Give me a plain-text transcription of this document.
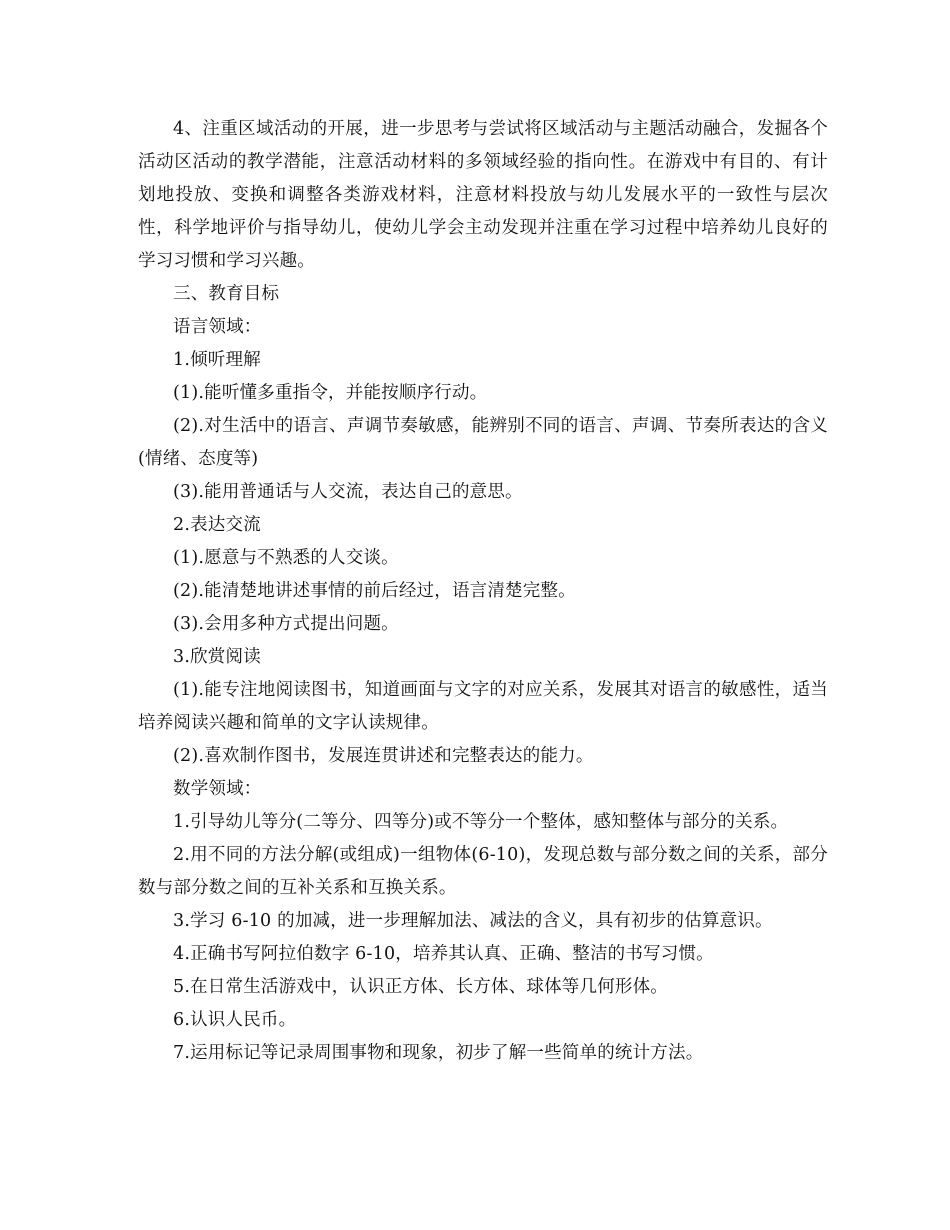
4、注重区域活动的开展，进一步思考与尝试将区域活动与主题活动融合，发掘各个活动区活动的教学潜能，注意活动材料的多领域经验的指向性。在游戏中有目的、有计划地投放、变换和调整各类游戏材料，注意材料投放与幼儿发展水平的一致性与层次性，科学地评价与指导幼儿，使幼儿学会主动发现并注重在学习过程中培养幼儿良好的学习习惯和学习兴趣。

三、教育目标

语言领域：

1.倾听理解

(1).能听懂多重指令，并能按顺序行动。

(2).对生活中的语言、声调节奏敏感，能辨别不同的语言、声调、节奏所表达的含义(情绪、态度等)

(3).能用普通话与人交流，表达自己的意思。

2.表达交流

(1).愿意与不熟悉的人交谈。

(2).能清楚地讲述事情的前后经过，语言清楚完整。

(3).会用多种方式提出问题。

3.欣赏阅读

(1).能专注地阅读图书，知道画面与文字的对应关系，发展其对语言的敏感性，适当培养阅读兴趣和简单的文字认读规律。

(2).喜欢制作图书，发展连贯讲述和完整表达的能力。

数学领域：

1.引导幼儿等分(二等分、四等分)或不等分一个整体，感知整体与部分的关系。

2.用不同的方法分解(或组成)一组物体(6-10)，发现总数与部分数之间的关系，部分数与部分数之间的互补关系和互换关系。

3.学习 6-10 的加减，进一步理解加法、减法的含义，具有初步的估算意识。

4.正确书写阿拉伯数字 6-10，培养其认真、正确、整洁的书写习惯。

5.在日常生活游戏中，认识正方体、长方体、球体等几何形体。

6.认识人民币。

7.运用标记等记录周围事物和现象，初步了解一些简单的统计方法。
